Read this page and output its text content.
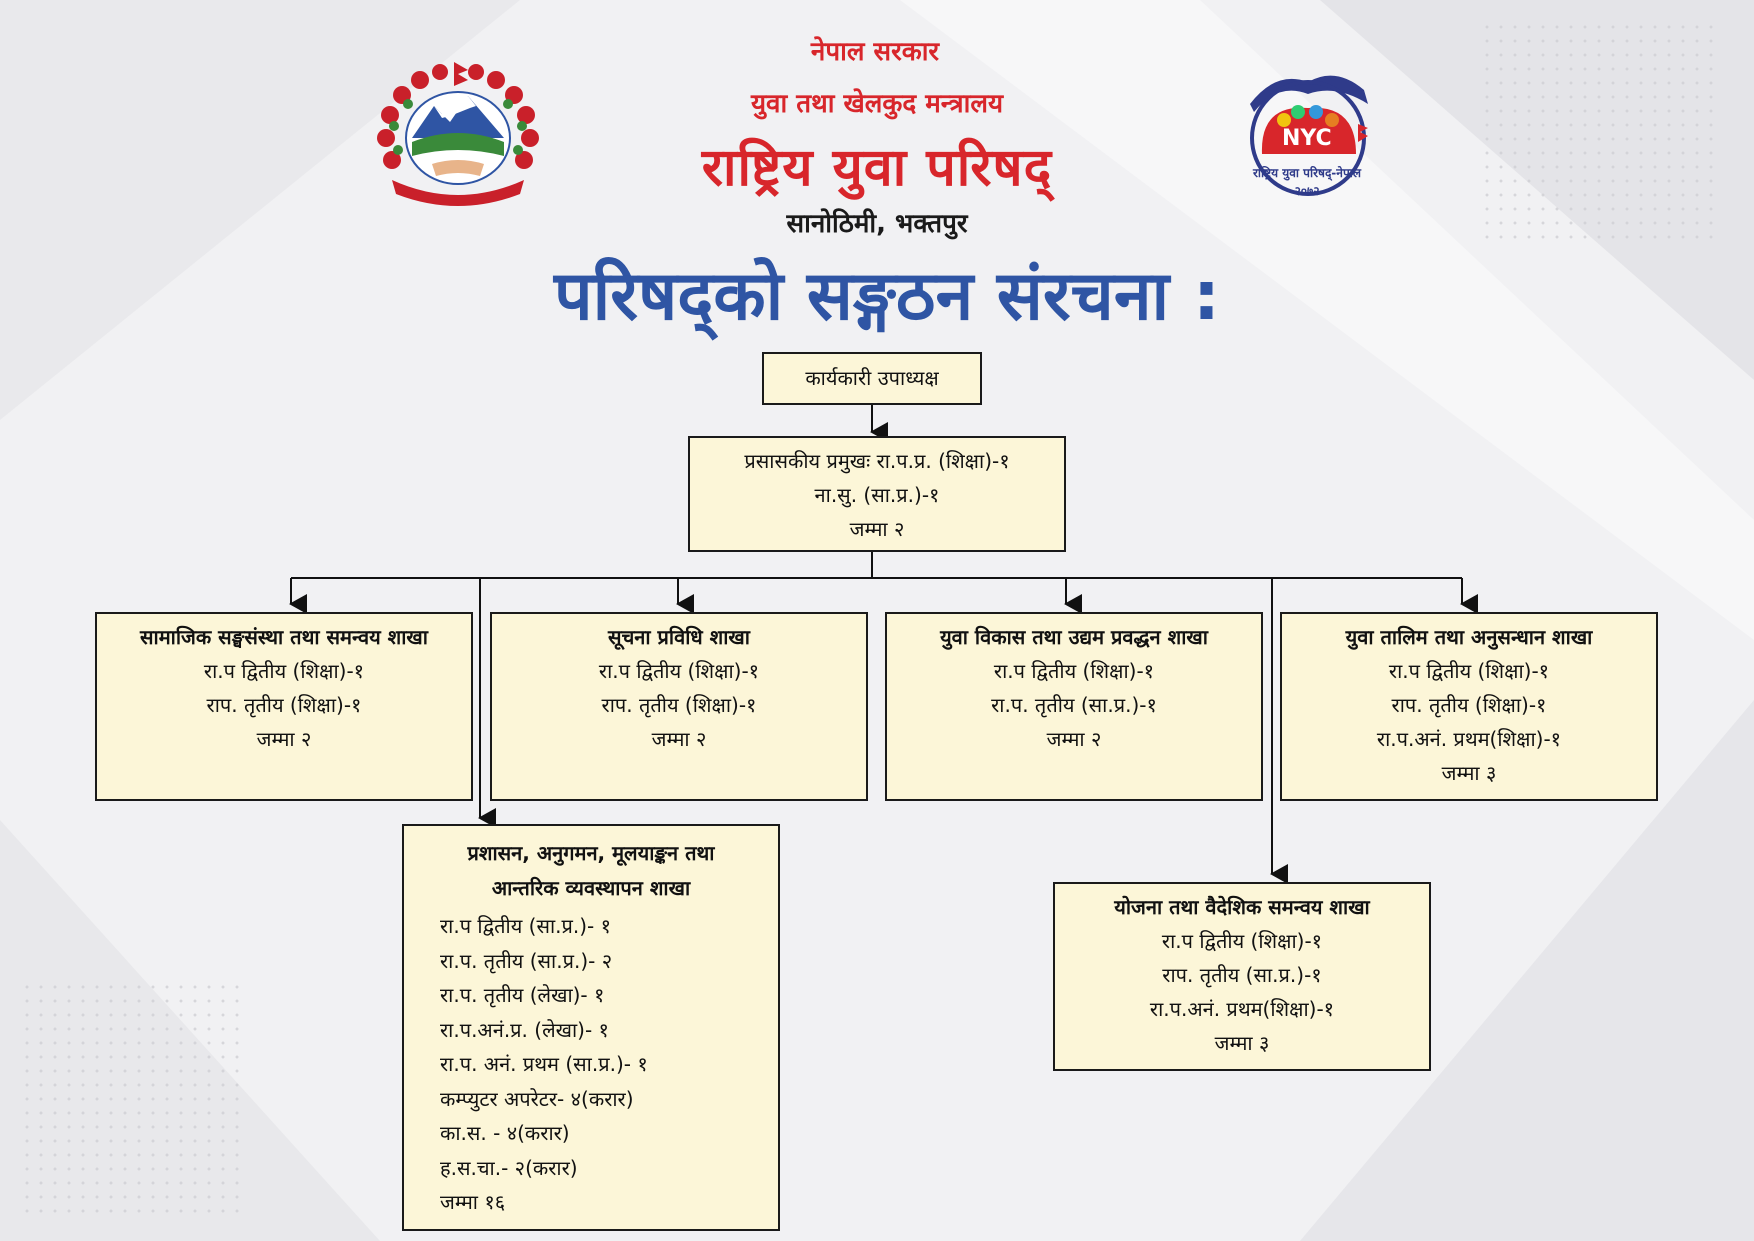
NYC
राष्ट्रिय युवा परिषद्-नेपाल
२०७२
नेपाल सरकार
युवा तथा खेलकुद मन्त्रालय
राष्ट्रिय युवा परिषद्
सानोठिमी, भक्तपुर
परिषद्को सङ्गठन संरचना :
कार्यकारी उपाध्यक्ष
प्रसासकीय प्रमुखः रा.प.प्र. (शिक्षा)-१
ना.सु. (सा.प्र.)-१
जम्मा २
सामाजिक सङ्घसंस्था तथा समन्वय शाखा
रा.प द्वितीय (शिक्षा)-१
राप. तृतीय (शिक्षा)-१
जम्मा २
सूचना प्रविधि शाखा
रा.प द्वितीय (शिक्षा)-१
राप. तृतीय (शिक्षा)-१
जम्मा २
युवा विकास तथा उद्यम प्रवद्धन शाखा
रा.प द्वितीय (शिक्षा)-१
रा.प. तृतीय (सा.प्र.)-१
जम्मा २
युवा तालिम तथा अनुसन्धान शाखा
रा.प द्वितीय (शिक्षा)-१
राप. तृतीय (शिक्षा)-१
रा.प.अनं. प्रथम(शिक्षा)-१
जम्मा ३
प्रशासन, अनुगमन, मूलयाङ्कन तथा
आन्तरिक व्यवस्थापन शाखा
रा.प द्वितीय (सा.प्र.)- १
रा.प. तृतीय (सा.प्र.)- २
रा.प. तृतीय (लेखा)- १
रा.प.अनं.प्र. (लेखा)- १
रा.प. अनं. प्रथम (सा.प्र.)- १
कम्प्युटर अपरेटर- ४(करार)
का.स. - ४(करार)
ह.स.चा.- २(करार)
जम्मा १६
योजना तथा वैदेशिक समन्वय शाखा
रा.प द्वितीय (शिक्षा)-१
राप. तृतीय (सा.प्र.)-१
रा.प.अनं. प्रथम(शिक्षा)-१
जम्मा ३
